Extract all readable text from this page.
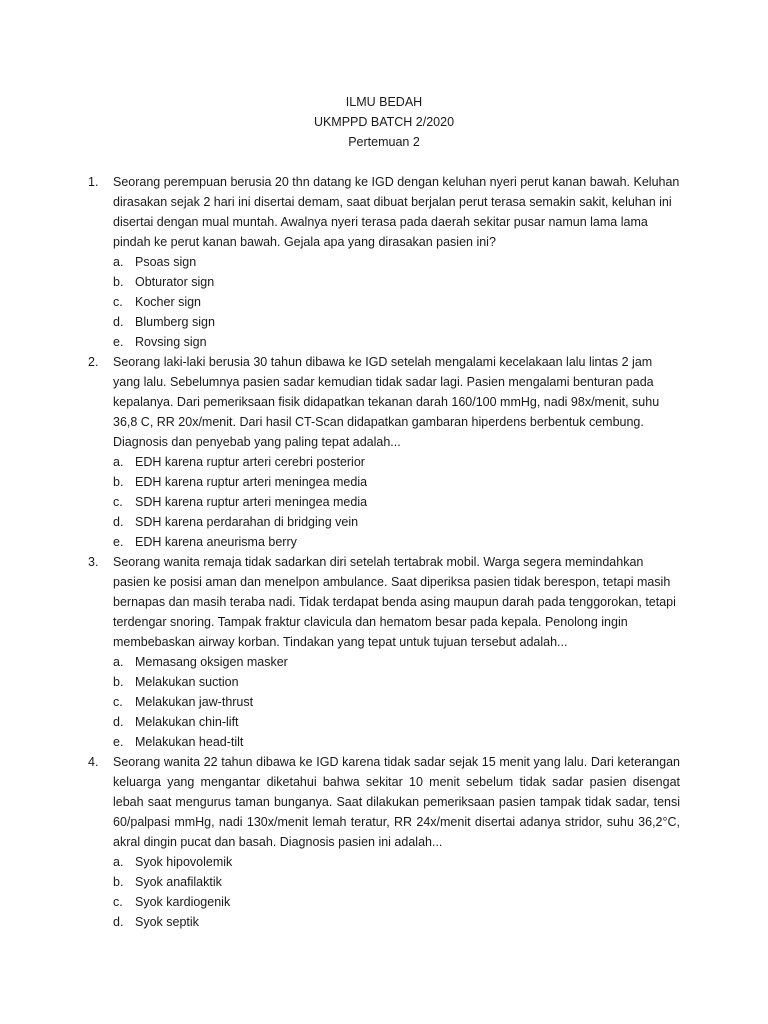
ILMU BEDAH
UKMPPD BATCH 2/2020
Pertemuan 2
1. Seorang perempuan berusia 20 thn datang ke IGD dengan keluhan nyeri perut kanan bawah. Keluhan dirasakan sejak 2 hari ini disertai demam, saat dibuat berjalan perut terasa semakin sakit, keluhan ini disertai dengan mual muntah. Awalnya nyeri terasa pada daerah sekitar pusar namun lama lama pindah ke perut kanan bawah. Gejala apa yang dirasakan pasien ini?

a. Psoas sign
b. Obturator sign
c. Kocher sign
d. Blumberg sign
e. Rovsing sign
2. Seorang laki-laki berusia 30 tahun dibawa ke IGD setelah mengalami kecelakaan lalu lintas 2 jam yang lalu. Sebelumnya pasien sadar kemudian tidak sadar lagi. Pasien mengalami benturan pada kepalanya. Dari pemeriksaan fisik didapatkan tekanan darah 160/100 mmHg, nadi 98x/menit, suhu 36,8 C, RR 20x/menit. Dari hasil CT-Scan didapatkan gambaran hiperdens berbentuk cembung. Diagnosis dan penyebab yang paling tepat adalah...

a. EDH karena ruptur arteri cerebri posterior
b. EDH karena ruptur arteri meningea media
c. SDH karena ruptur arteri meningea media
d. SDH karena perdarahan di bridging vein
e. EDH karena aneurisma berry
3. Seorang wanita remaja tidak sadarkan diri setelah tertabrak mobil. Warga segera memindahkan pasien ke posisi aman dan menelpon ambulance. Saat diperiksa pasien tidak berespon, tetapi masih bernapas dan masih teraba nadi. Tidak terdapat benda asing maupun darah pada tenggorokan, tetapi terdengar snoring. Tampak fraktur clavicula dan hematom besar pada kepala. Penolong ingin membebaskan airway korban. Tindakan yang tepat untuk tujuan tersebut adalah...

a. Memasang oksigen masker
b. Melakukan suction
c. Melakukan jaw-thrust
d. Melakukan chin-lift
e. Melakukan head-tilt
4. Seorang wanita 22 tahun dibawa ke IGD karena tidak sadar sejak 15 menit yang lalu. Dari keterangan keluarga yang mengantar diketahui bahwa sekitar 10 menit sebelum tidak sadar pasien disengat lebah saat mengurus taman bunganya. Saat dilakukan pemeriksaan pasien tampak tidak sadar, tensi 60/palpasi mmHg, nadi 130x/menit lemah teratur, RR 24x/menit disertai adanya stridor, suhu 36,2°C, akral dingin pucat dan basah. Diagnosis pasien ini adalah...

a. Syok hipovolemik
b. Syok anafilaktik
c. Syok kardiogenik
d. Syok septik
